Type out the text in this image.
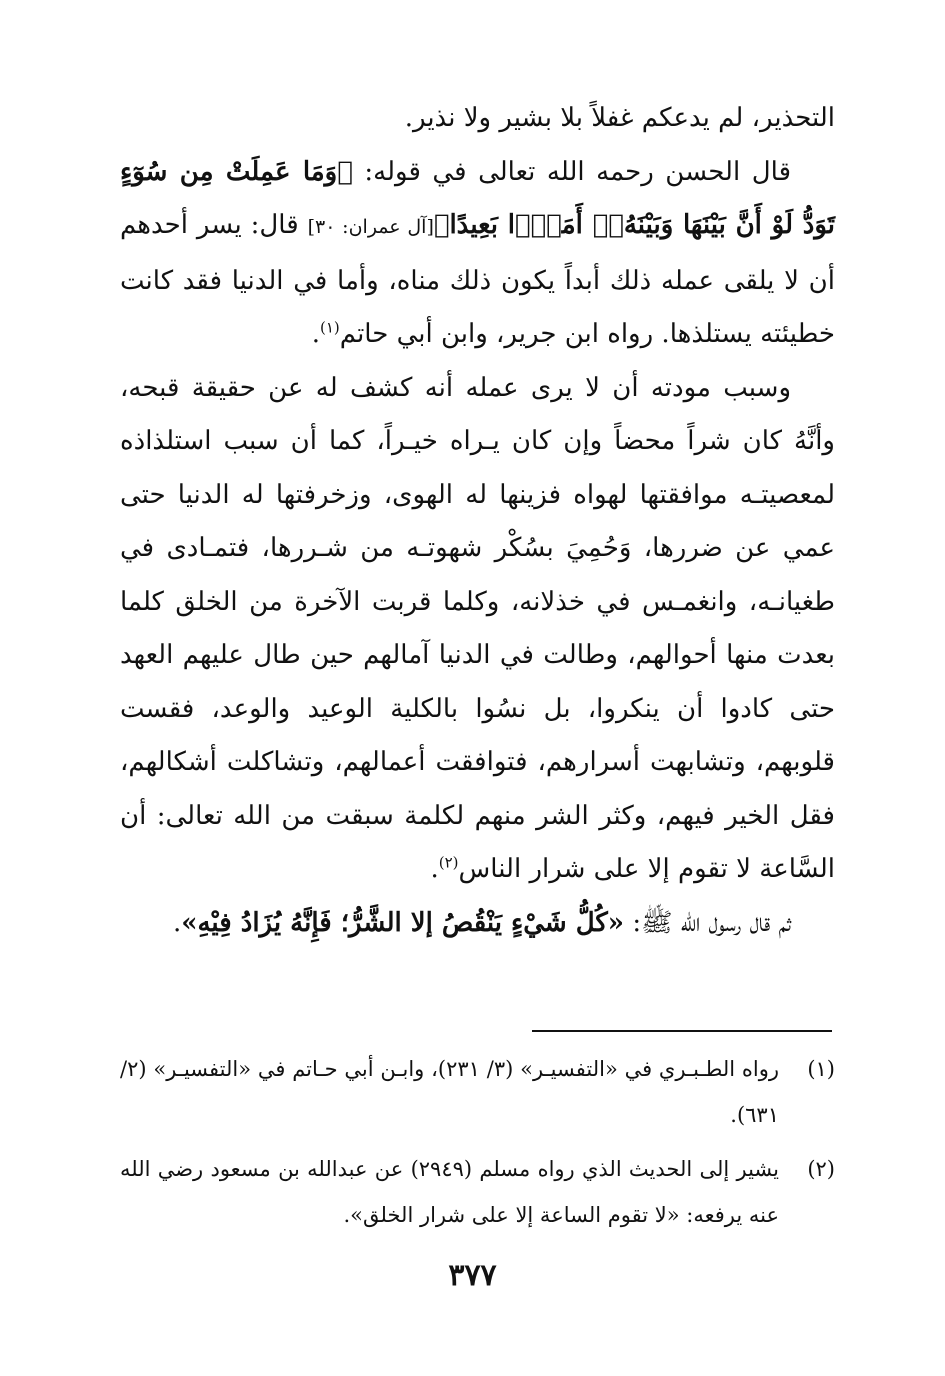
التحذير، لم يدعكم غفلاً بلا بشير ولا نذير.

قال الحسن رحمه الله تعالى في قوله: ﴿وَمَا عَمِلَتْ مِن سُوٓءٍ تَوَدُّ لَوْ أَنَّ بَيْنَهَا وَبَيْنَهُۥٓ أَمَدًۢا بَعِيدًا﴾[آل عمران: ٣٠] قال: يسر أحدهم أن لا يلقى عمله ذلك أبداً يكون ذلك مناه، وأما في الدنيا فقد كانت خطيئته يستلذها. رواه ابن جرير، وابن أبي حاتم$^{(١)}$.

وسبب مودته أن لا يرى عمله أنه كشف له عن حقيقة قبحه، وأنَّهُ كان شراً محضاً وإن كان يـراه خيـراً، كما أن سبب استلذاذه لمعصيتـه موافقتها لهواه فزينها له الهوى، وزخرفتها له الدنيا حتى عمي عن ضررها، وَحُمِيَ بسُكْر شهوتـه من شـررها، فتمـادى في طغيانـه، وانغمـس في خذلانه، وكلما قربت الآخرة من الخلق كلما بعدت منها أحوالهم، وطالت في الدنيا آمالهم حين طال عليهم العهد حتى كادوا أن ينكروا، بل نسُوا بالكلية الوعيد والوعد، فقست قلوبهم، وتشابهت أسرارهم، فتوافقت أعمالهم، وتشاكلت أشكالهم، فقل الخير فيهم، وكثر الشر منهم لكلمة سبقت من الله تعالى: أن السَّاعة لا تقوم إلا على شرار الناس$^{(٢)}$.

ثم قال رسول الله ﷺ: «كُلُّ شَيْءٍ يَنْقُصُ إلا الشَّرُّ؛ فَإِنَّهُ يُزَادُ فِيْهِ».

(١)
رواه الطـبـري في «التفسيـر» (٣/ ٢٣١)، وابـن أبي حـاتم في «التفسيـر» (٢/ ٦٣١).
(٢)
يشير إلى الحديث الذي رواه مسلم (٢٩٤٩) عن عبدالله بن مسعود رضي الله عنه يرفعه: «لا تقوم الساعة إلا على شرار الخلق».
٣٧٧
